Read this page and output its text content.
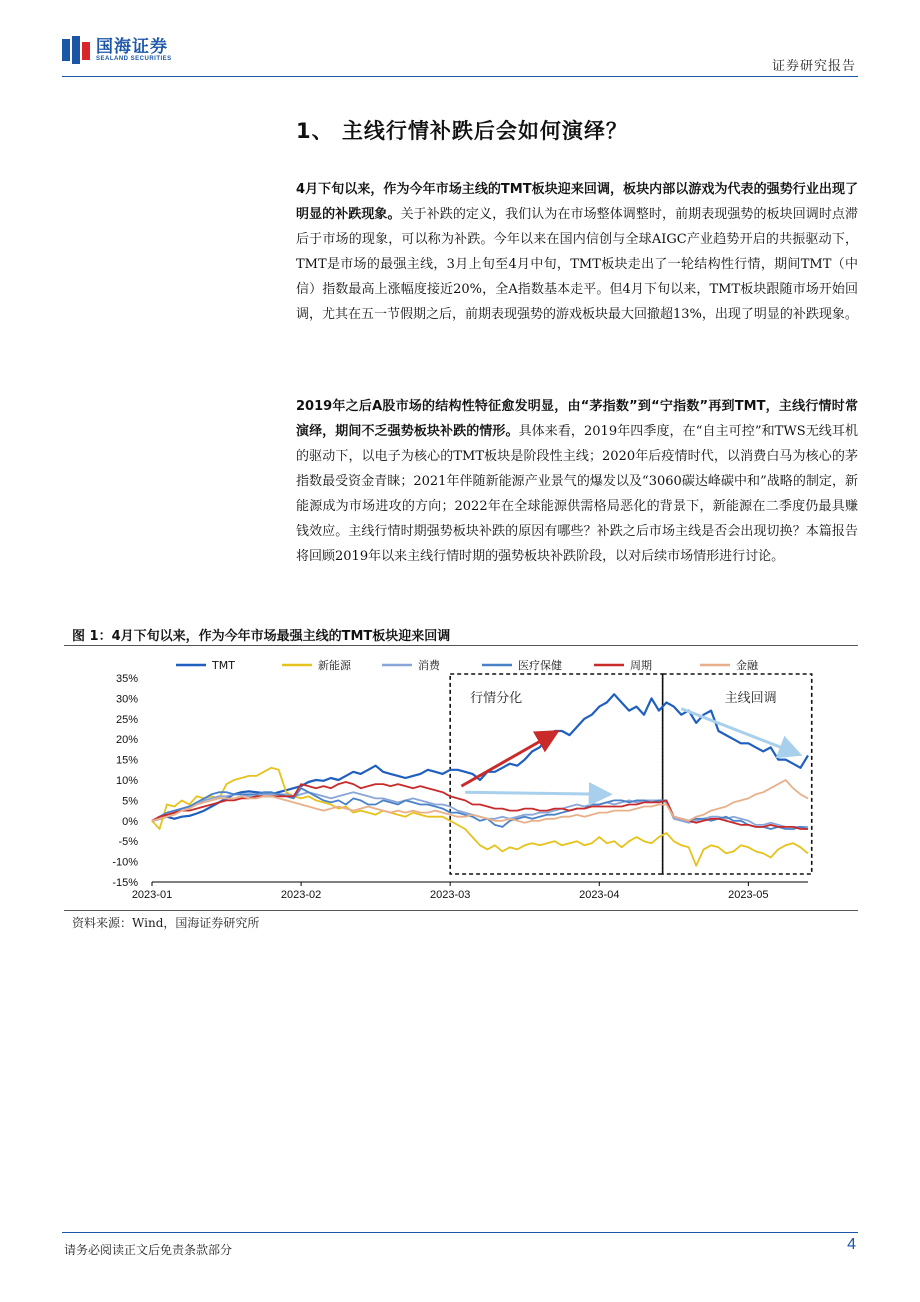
国海证券
SEALAND SECURITIES	证券研究报告
1、 主线行情补跌后会如何演绎？
4月下旬以来，作为今年市场主线的TMT板块迎来回调，板块内部以游戏为代表的强势行业出现了明显的补跌现象。关于补跌的定义，我们认为在市场整体调整时，前期表现强势的板块回调时点滞后于市场的现象，可以称为补跌。今年以来在国内信创与全球AIGC产业趋势开启的共振驱动下，TMT是市场的最强主线，3月上旬至4月中旬，TMT板块走出了一轮结构性行情，期间TMT（中信）指数最高上涨幅度接近20%，全A指数基本走平。但4月下旬以来，TMT板块跟随市场开始回调，尤其在五一节假期之后，前期表现强势的游戏板块最大回撤超13%，出现了明显的补跌现象。
2019年之后A股市场的结构性特征愈发明显，由“茅指数”到“宁指数”再到TMT，主线行情时常演绎，期间不乏强势板块补跌的情形。具体来看，2019年四季度，在“自主可控”和TWS无线耳机的驱动下，以电子为核心的TMT板块是阶段性主线；2020年后疫情时代，以消费白马为核心的茅指数最受资金青睐；2021年伴随新能源产业景气的爆发以及“3060碳达峰碳中和”战略的制定，新能源成为市场进攻的方向；2022年在全球能源供需格局恶化的背景下，新能源在二季度仍最具赚钱效应。主线行情时期强势板块补跌的原因有哪些？补跌之后市场主线是否会出现切换？本篇报告将回顾2019年以来主线行情时期的强势板块补跌阶段，以对后续市场情形进行讨论。
图 1：4月下旬以来，作为今年市场最强主线的TMT板块迎来回调
35%
30%
25%
20%
15%
10%
5%
0%
-5%
-10%
-15%
2023-01	2023-02	2023-03	2023-04	2023-05
行情分化	主线回调
TMT	新能源	消费	医疗保健	周期	金融
资料来源：Wind，国海证券研究所
请务必阅读正文后免责条款部分	4
